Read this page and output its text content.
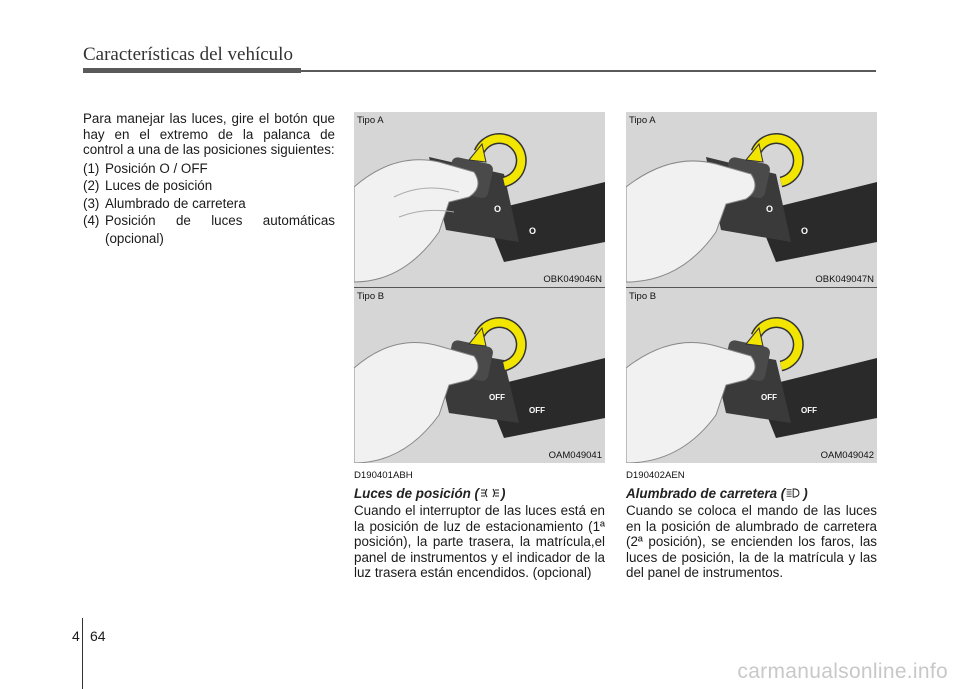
Características del vehículo

Para manejar las luces, gire el botón que hay en el extremo de la palanca de control a una de las posiciones siguientes:

(1) Posición O / OFF
(2) Luces de posición
(3) Alumbrado de carretera
(4) Posición de luces automáticas (opcional)
O
O
Tipo A
OBK049046N
OFF
OFF
Tipo B
OAM049041
O
O
Tipo A
OBK049047N
OFF
OFF
Tipo B
OAM049042
D190401ABH
Luces de posición ( )
Cuando el interruptor de las luces está en la posición de luz de estacionamiento (1ª posición), la parte trasera, la matrícula,el panel de instrumentos y el indicador de la luz trasera están encendidos. (opcional)
D190402AEN
Alumbrado de carretera ( )
Cuando se coloca el mando de las luces en la posición de alumbrado de carretera (2ª posición), se encienden los faros, las luces de posición, la de la matrícula y las del panel de instrumentos.
4 64
carmanualsonline.info
